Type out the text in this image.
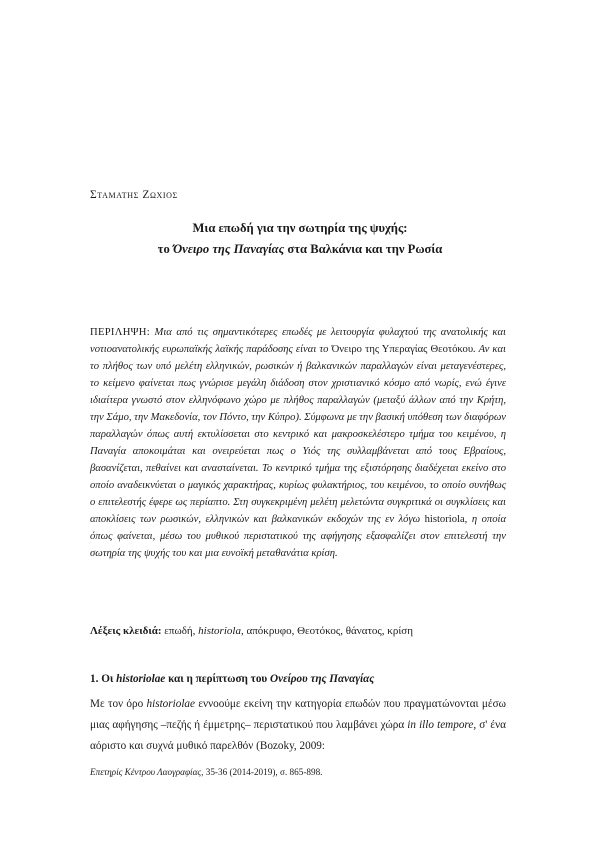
Σταματης Ζωχιος
Μια επωδή για την σωτηρία της ψυχής:
το Όνειρο της Παναγίας στα Βαλκάνια και την Ρωσία
ΠΕΡΙΛΗΨΗ: Μια από τις σημαντικότερες επωδές με λειτουργία φυλαχτού της ανατολικής και νοτιοανατολικής ευρωπαϊκής λαϊκής παράδοσης είναι το Όνειρο της Υπεραγίας Θεοτόκου. Αν και το πλήθος των υπό μελέτη ελληνικών, ρωσικών ή βαλκανικών παραλλαγών είναι μεταγενέστερες, το κείμενο φαίνεται πως γνώρισε μεγάλη διάδοση στον χριστιανικό κόσμο από νωρίς, ενώ έγινε ιδιαίτερα γνωστό στον ελληνόφωνο χώρο με πλήθος παραλλαγών (μεταξύ άλλων από την Κρήτη, την Σάμο, την Μακεδονία, τον Πόντο, την Κύπρο). Σύμφωνα με την βασική υπόθεση των διαφόρων παραλλαγών όπως αυτή εκτυλίσσεται στο κεντρικό και μακροσκελέστερο τμήμα του κειμένου, η Παναγία αποκοιμάται και ονειρεύεται πως ο Υιός της συλλαμβάνεται από τους Εβραίους, βασανίζεται, πεθαίνει και ανασταίνεται. Το κεντρικό τμήμα της εξιστόρησης διαδέχεται εκείνο στο οποίο αναδεικνύεται ο μαγικός χαρακτήρας, κυρίως φυλακτήριος, του κειμένου, το οποίο συνήθως ο επιτελεστής έφερε ως περίαπτο. Στη συγκεκριμένη μελέτη μελετώντα συγκριτικά οι συγκλίσεις και αποκλίσεις των ρωσικών, ελληνικών και βαλκανικών εκδοχών της εν λόγω historiola, η οποία όπως φαίνεται, μέσω του μυθικού περιστατικού της αφήγησης εξασφαλίζει στον επιτελεστή την σωτηρία της ψυχής του και μια ευνοϊκή μεταθανάτια κρίση.
Λέξεις κλειδιά: επωδή, historiola, απόκρυφο, Θεοτόκος, θάνατος, κρίση
1. Οι historiolae και η περίπτωση του Ονείρου της Παναγίας
Με τον όρο historiolae εννοούμε εκείνη την κατηγορία επωδών που πραγματώνονται μέσω μιας αφήγησης –πεζής ή έμμετρης– περιστατικού που λαμβάνει χώρα in illo tempore, σ' ένα αόριστο και συχνά μυθικό παρελθόν (Bozoky, 2009:
Επετηρίς Κέντρου Λαογραφίας, 35-36 (2014-2019), σ. 865-898.
